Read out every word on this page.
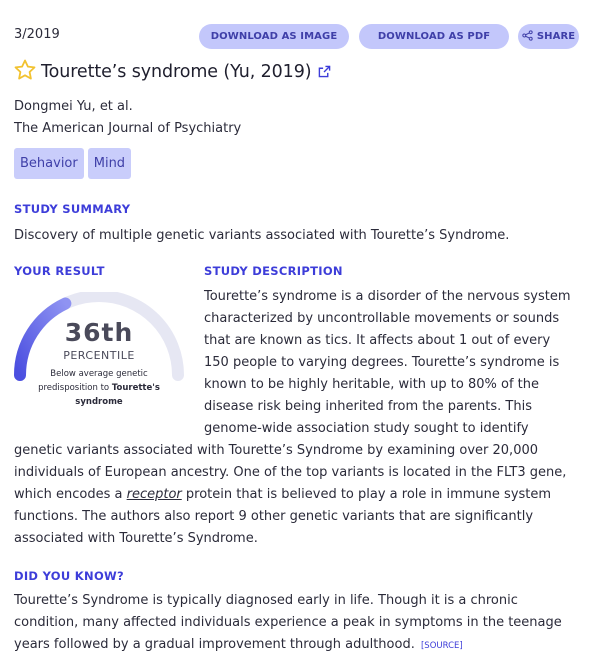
3/2019	DOWNLOAD AS IMAGE	DOWNLOAD AS PDF	SHARE
Tourette’s syndrome (Yu, 2019)
Dongmei Yu, et al.
The American Journal of Psychiatry
Behavior	Mind
STUDY SUMMARY
Discovery of multiple genetic variants associated with Tourette’s Syndrome.
YOUR RESULT	STUDY DESCRIPTION
36th
PERCENTILE
Below average genetic predisposition to Tourette's syndrome
Tourette’s syndrome is a disorder of the nervous system
characterized by uncontrollable movements or sounds
that are known as tics. It affects about 1 out of every
150 people to varying degrees. Tourette’s syndrome is
known to be highly heritable, with up to 80% of the
disease risk being inherited from the parents. This
genome-wide association study sought to identify
genetic variants associated with Tourette’s Syndrome by examining over 20,000
individuals of European ancestry. One of the top variants is located in the FLT3 gene,
which encodes a receptor protein that is believed to play a role in immune system
functions. The authors also report 9 other genetic variants that are significantly
associated with Tourette’s Syndrome.
DID YOU KNOW?
Tourette’s Syndrome is typically diagnosed early in life. Though it is a chronic
condition, many affected individuals experience a peak in symptoms in the teenage
years followed by a gradual improvement through adulthood. [SOURCE]
